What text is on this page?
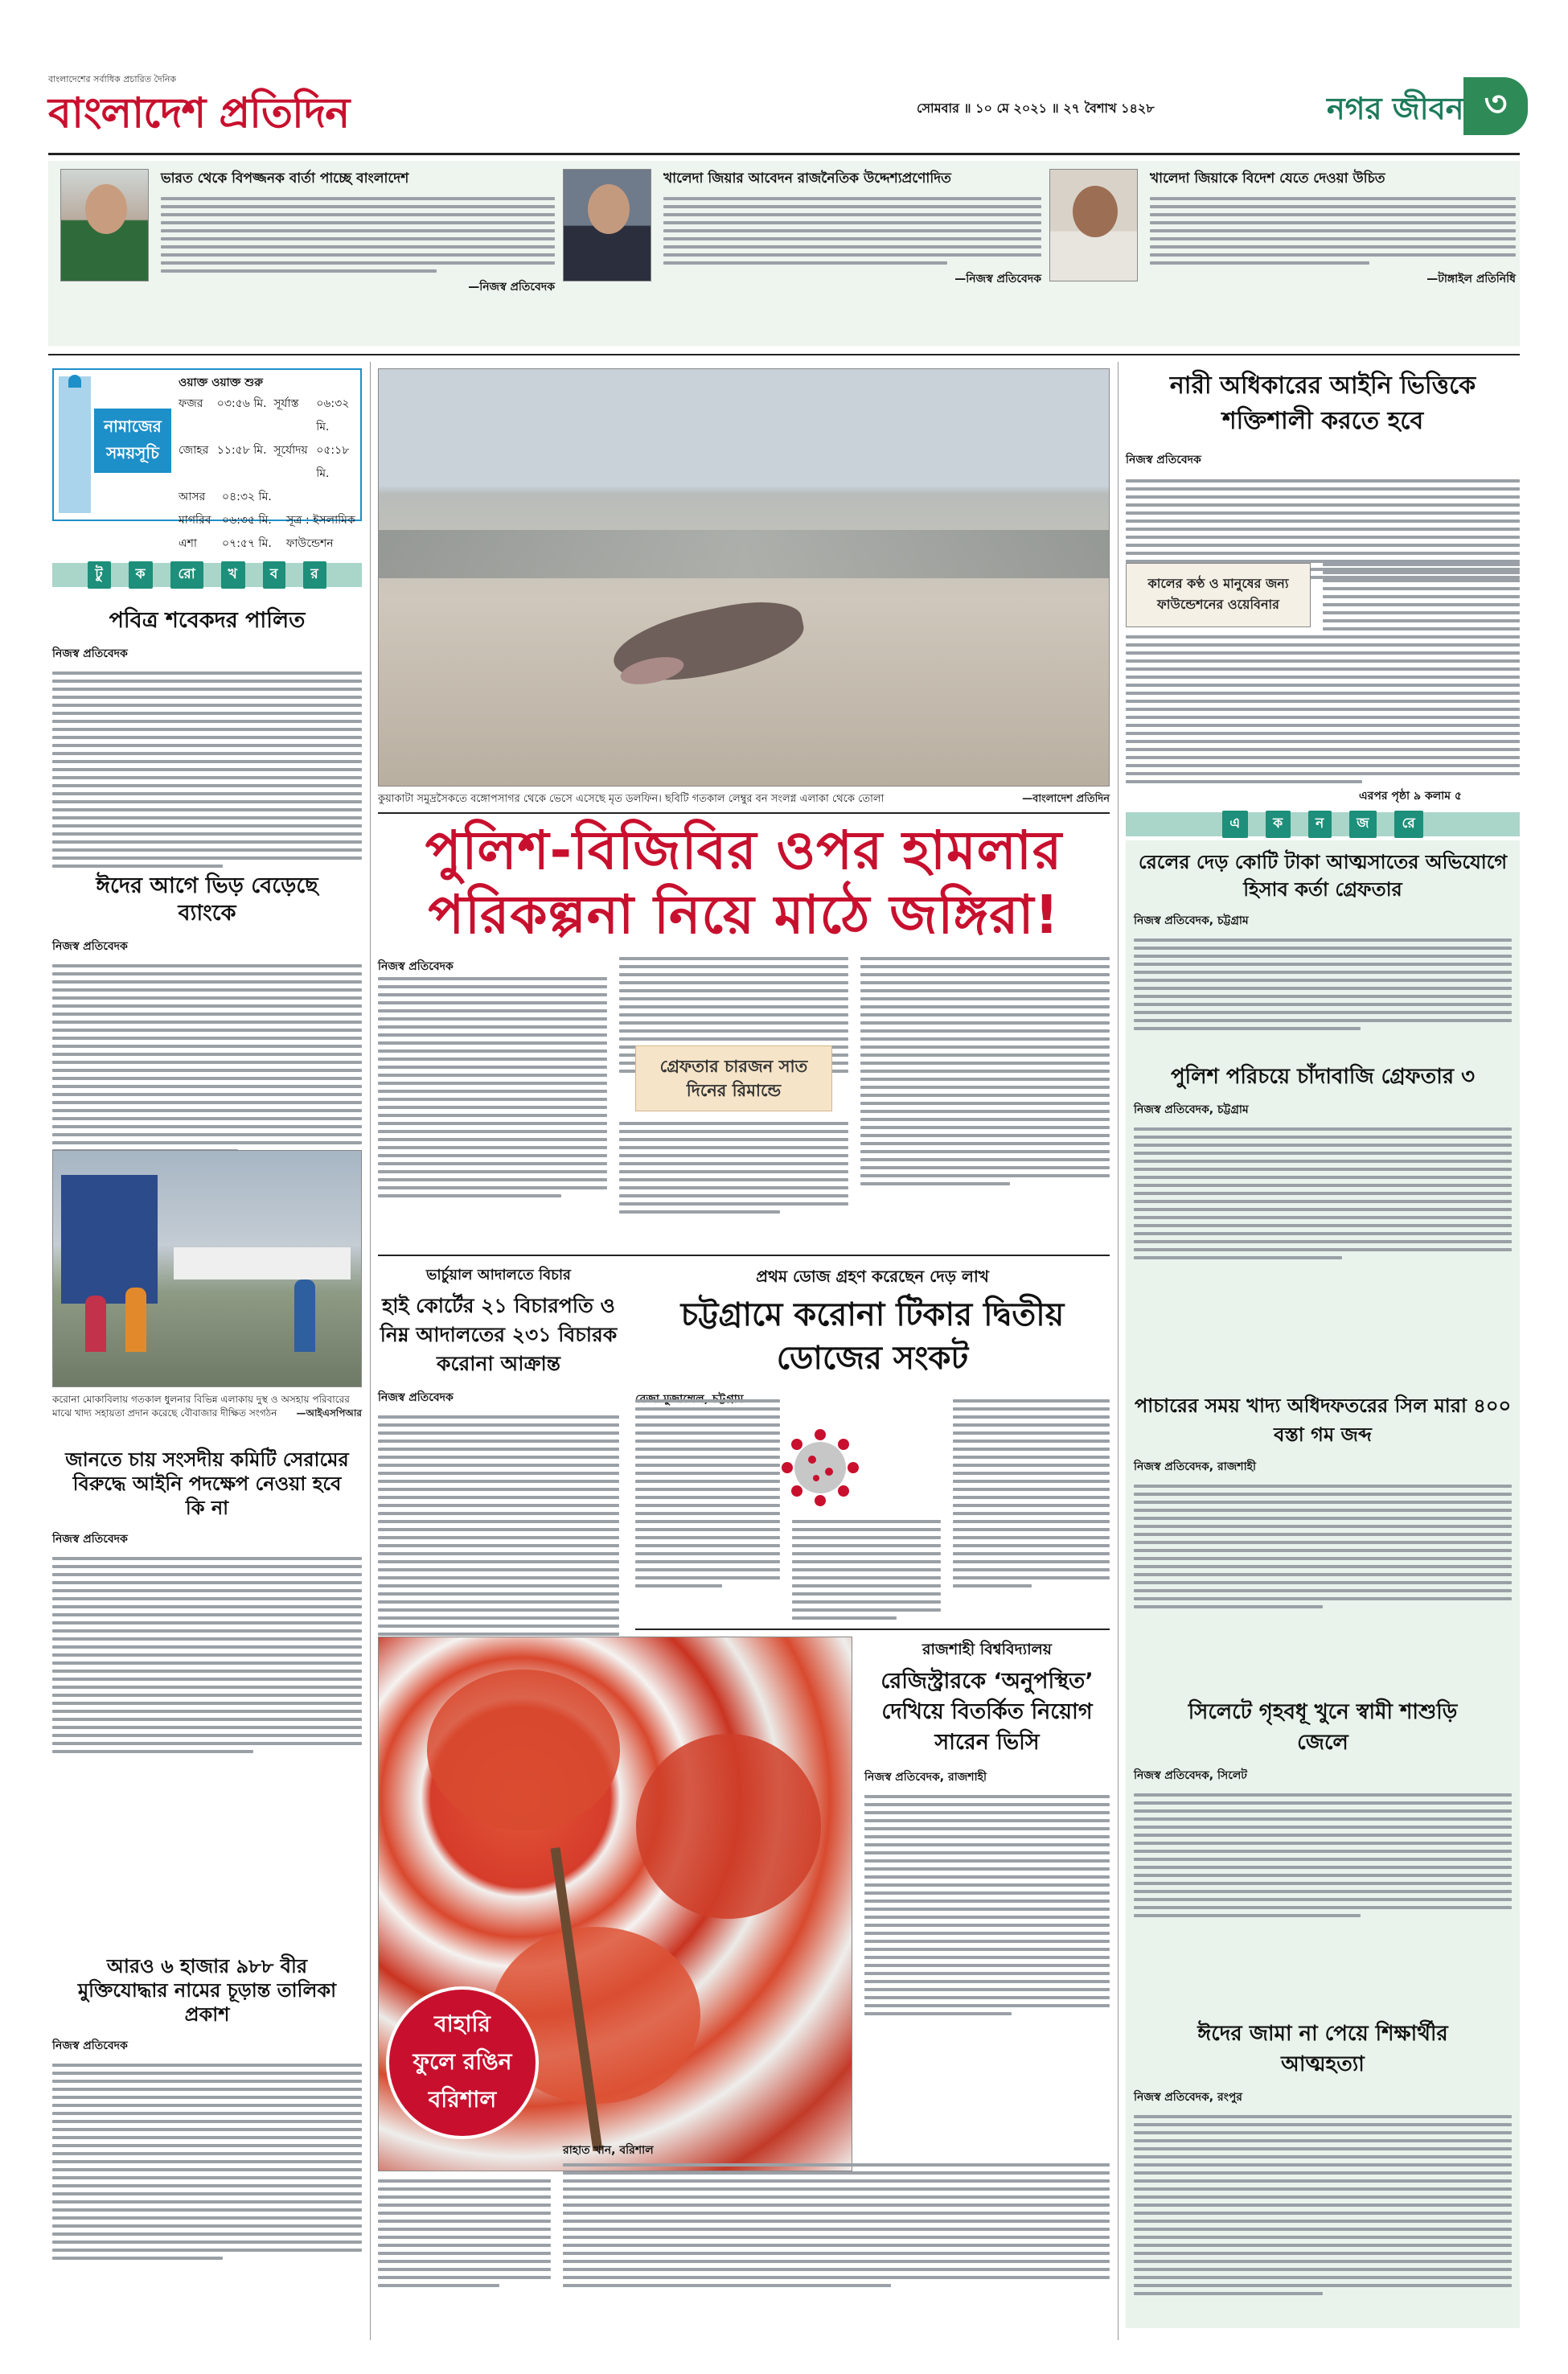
বাংলাদেশের সর্বাধিক প্রচারিত দৈনিক
বাংলাদেশ প্রতিদিন	সোমবার ॥ ১০ মে ২০২১ ॥ ২৭ বৈশাখ ১৪২৮	নগর জীবন ৩
ভারত থেকে বিপজ্জনক বার্তা পাচ্ছে বাংলাদেশ
—নিজস্ব প্রতিবেদক
খালেদা জিয়ার আবেদন রাজনৈতিক উদ্দেশ্যপ্রণোদিত
—নিজস্ব প্রতিবেদক
খালেদা জিয়াকে বিদেশ যেতে দেওয়া উচিত
—টাঙ্গাইল প্রতিনিধি
নামাজের
সময়সূচি
ওয়াক্ত ওয়াক্ত শুরু
ফজর	০৩:৫৬ মি. সূর্যাস্ত	০৬:৩২ মি.
জোহর ১১:৫৮ মি. সূর্যোদয় ০৫:১৮ মি.
আসর	০৪:৩২ মি.
মাগরিব ০৬:৩৫ মি.	সূত্র : ইসলামিক
এশা	০৭:৫৭ মি.	ফাউন্ডেশন
টু	ক	রো	খ	ব	র
পবিত্র শবেকদর পালিত
নিজস্ব প্রতিবেদক
ঈদের আগে ভিড় বেড়েছে ব্যাংকে
নিজস্ব প্রতিবেদক
করোনা মোকাবিলায় গতকাল ধুলনার বিভিন্ন এলাকায় দুস্থ ও অসহায় পরিবারের মাঝে খাদ্য সহায়তা প্রদান করেছে বৌবাজার দীক্ষিত সংগঠন —আইএসপিআর
জানতে চায় সংসদীয় কমিটি সেরামের বিরুদ্ধে আইনি পদক্ষেপ নেওয়া হবে কি না
নিজস্ব প্রতিবেদক
আরও ৬ হাজার ৯৮৮ বীর মুক্তিযোদ্ধার নামের চূড়ান্ত তালিকা প্রকাশ
নিজস্ব প্রতিবেদক
কুয়াকাটা সমুদ্রসৈকতে বঙ্গোপসাগর থেকে ভেসে এসেছে মৃত ডলফিন। ছবিটি গতকাল লেম্বুর বন সংলগ্ন এলাকা থেকে তোলা	—বাংলাদেশ প্রতিদিন
পুলিশ-বিজিবির ওপর হামলার পরিকল্পনা নিয়ে মাঠে জঙ্গিরা!
নিজস্ব প্রতিবেদক
গ্রেফতার চারজন সাত দিনের রিমান্ডে
ভার্চুয়াল আদালতে বিচার
হাই কোর্টের ২১ বিচারপতি ও নিম্ন আদালতের ২৩১ বিচারক করোনা আক্রান্ত
নিজস্ব প্রতিবেদক
প্রথম ডোজ গ্রহণ করেছেন দেড় লাখ
চট্টগ্রামে করোনা টিকার দ্বিতীয় ডোজের সংকট
বাহারি
ফুলে রঙিন
বরিশাল
রাহাত খান, বরিশাল
রাজশাহী বিশ্ববিদ্যালয়
রেজিস্ট্রারকে ‘অনুপস্থিত’ দেখিয়ে বিতর্কিত নিয়োগ সারেন ভিসি
নিজস্ব প্রতিবেদক, রাজশাহী
নারী অধিকারের আইনি ভিত্তিকে শক্তিশালী করতে হবে
নিজস্ব প্রতিবেদক
কালের কণ্ঠ ও মানুষের জন্য ফাউন্ডেশনের ওয়েবিনার
এরপর পৃষ্ঠা ৯ কলাম ৫
এ	ক	ন	জ	রে
রেলের দেড় কোটি টাকা আত্মসাতের অভিযোগে হিসাব কর্তা গ্রেফতার
নিজস্ব প্রতিবেদক, চট্টগ্রাম
পুলিশ পরিচয়ে চাঁদাবাজি গ্রেফতার ৩
নিজস্ব প্রতিবেদক, চট্টগ্রাম
পাচারের সময় খাদ্য অধিদফতরের সিল মারা ৪০০ বস্তা গম জব্দ
নিজস্ব প্রতিবেদক, রাজশাহী
সিলেটে গৃহবধূ খুনে স্বামী শাশুড়ি জেলে
নিজস্ব প্রতিবেদক, সিলেট
ঈদের জামা না পেয়ে শিক্ষার্থীর আত্মহত্যা
নিজস্ব প্রতিবেদক, রংপুর
